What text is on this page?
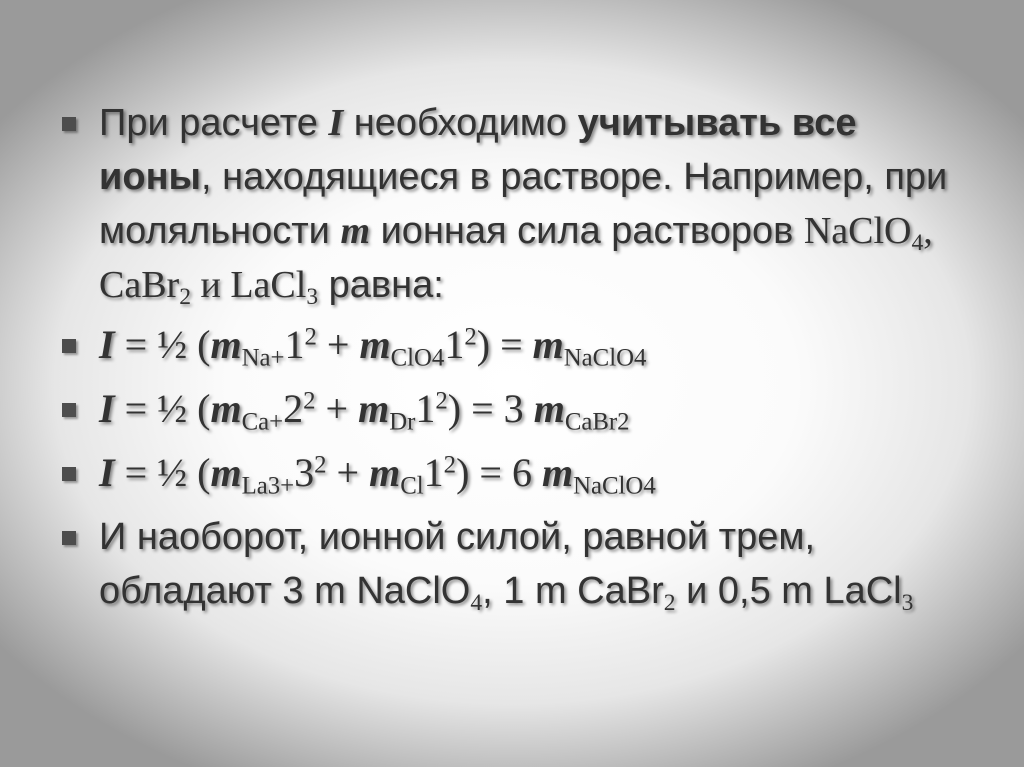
При расчете I необходимо учитывать все ионы, находящиеся в растворе. Например, при моляльности m ионная сила растворов NaClO$_4$, CaBr$_2$ и LaCl$_3$ равна:
I = ½ $(m_{Na+}1^2 + m_{ClO4}1^2) = m_{NaClO4}$
I = ½ $(m_{Ca+}2^2 + m_{Dr}1^2) = 3$ $m_{CaBr2}$
I = ½ $(m_{La3+}3^2 + m_{Cl}1^2) = 6$ $m_{NaClO4}$
И наоборот, ионной силой, равной трем, обладают 3 m NaClO$_4$, 1 m CaBr$_2$ и 0,5 m LaCl$_3$
